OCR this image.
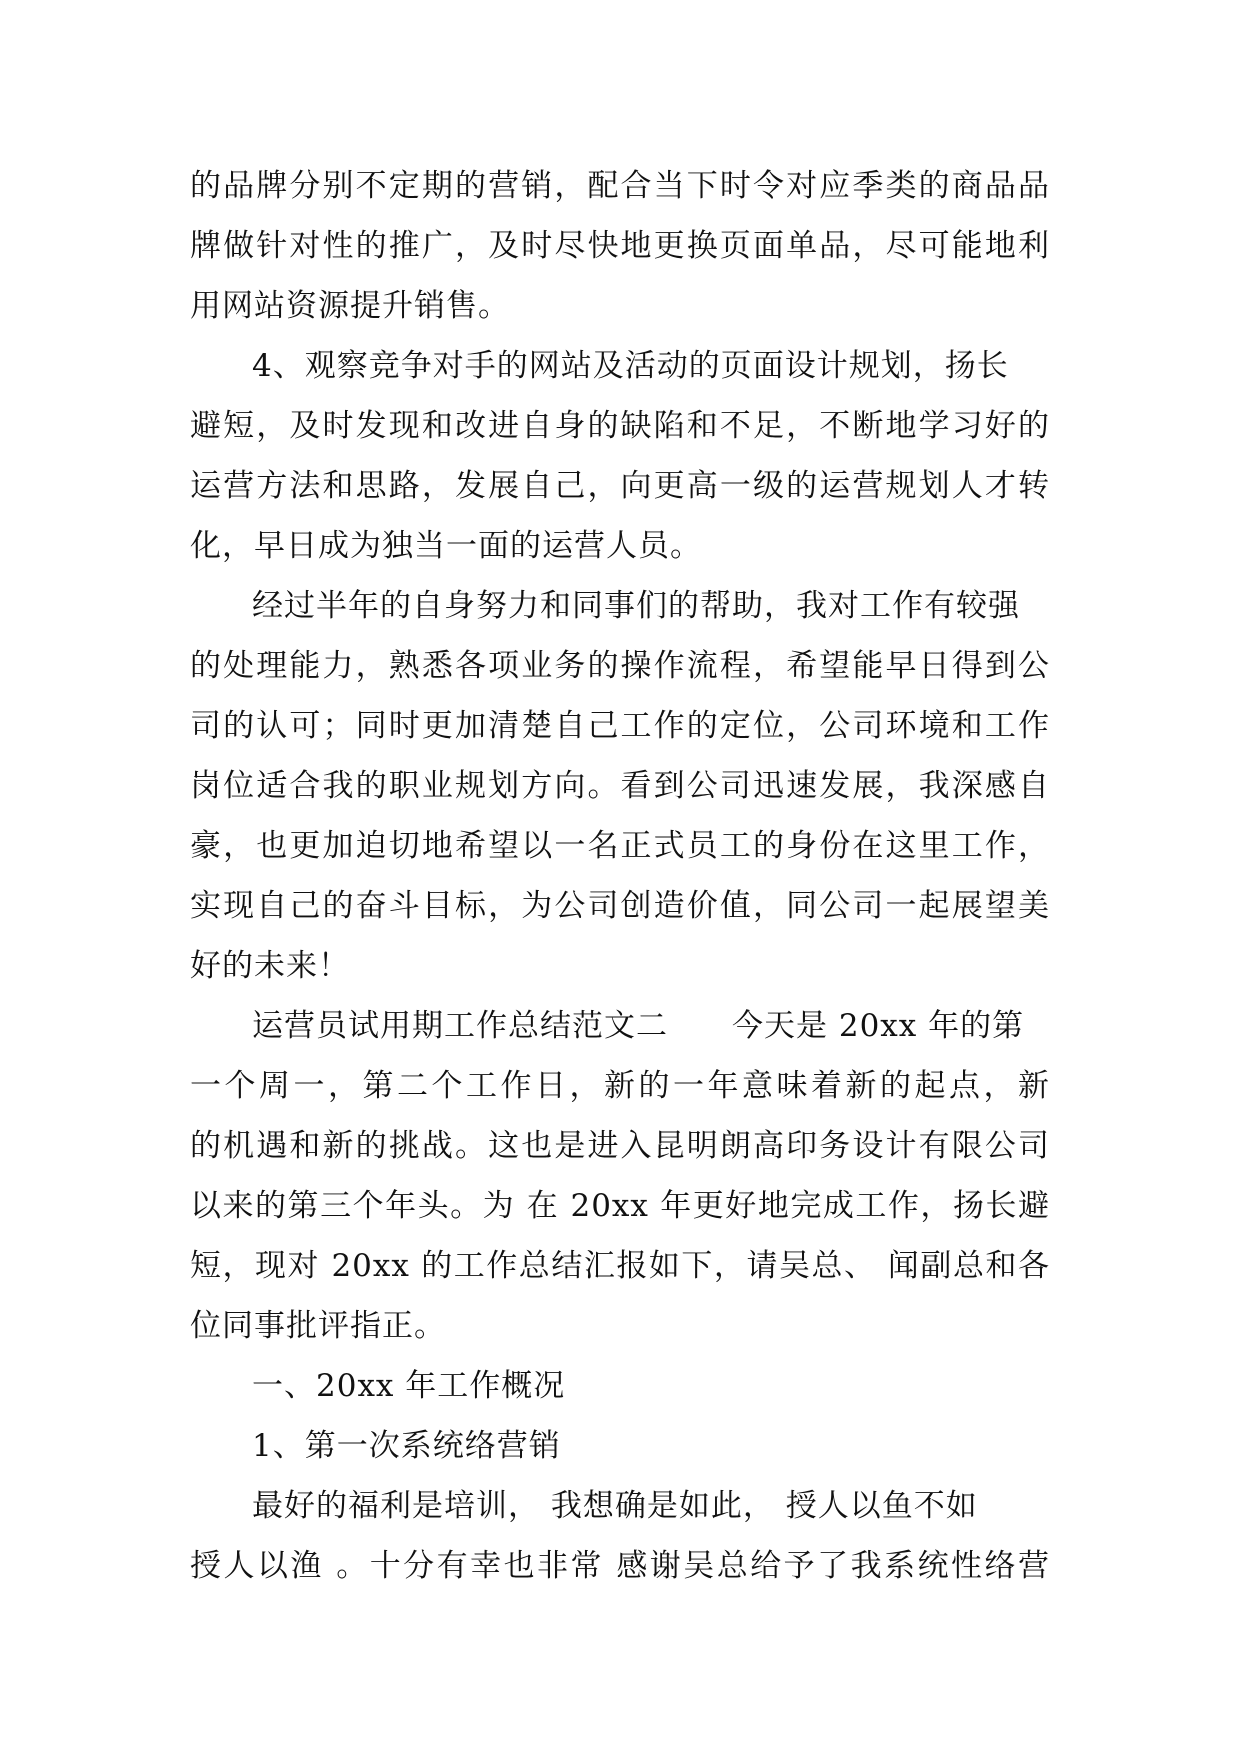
的品牌分别不定期的营销，配合当下时令对应季类的商品品
牌做针对性的推广，及时尽快地更换页面单品，尽可能地利
用网站资源提升销售。
4、观察竞争对手的网站及活动的页面设计规划，扬长
避短，及时发现和改进自身的缺陷和不足，不断地学习好的
运营方法和思路，发展自己，向更高一级的运营规划人才转
化，早日成为独当一面的运营人员。
经过半年的自身努力和同事们的帮助，我对工作有较强
的处理能力，熟悉各项业务的操作流程，希望能早日得到公
司的认可；同时更加清楚自己工作的定位，公司环境和工作
岗位适合我的职业规划方向。看到公司迅速发展，我深感自
豪，也更加迫切地希望以一名正式员工的身份在这里工作，
实现自己的奋斗目标，为公司创造价值，同公司一起展望美
好的未来！
运营员试用期工作总结范文二　　今天是 20xx 年的第
一个周一，第二个工作日，新的一年意味着新的起点，新
的机遇和新的挑战。这也是进入昆明朗高印务设计有限公司
以来的第三个年头。为 在 20xx 年更好地完成工作，扬长避
短，现对 20xx 的工作总结汇报如下，请吴总、 闻副总和各
位同事批评指正。
一、20xx 年工作概况
1、第一次系统络营销
最好的福利是培训， 我想确是如此， 授人以鱼不如
授人以渔 。十分有幸也非常 感谢吴总给予了我系统性络营
